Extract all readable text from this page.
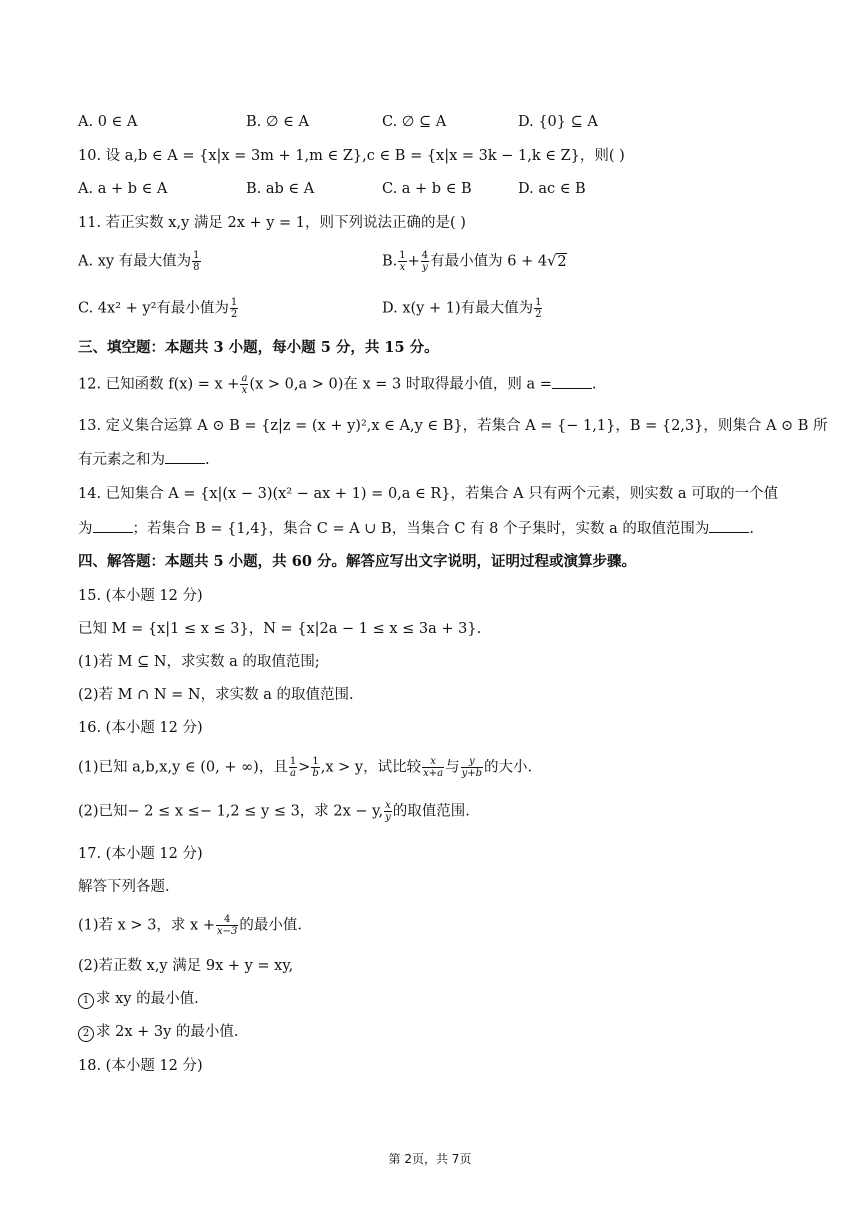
A. 0 ∈ A	B. ∅ ∈ A	C. ∅ ⊆ A	D. {0} ⊆ A
10. 设 a,b ∈ A = {x|x = 3m + 1,m ∈ Z},c ∈ B = {x|x = 3k − 1,k ∈ Z}，则( )
A. a + b ∈ A	B. ab ∈ A	C. a + b ∈ B	D. ac ∈ B
11. 若正实数 x,y 满足 2x + y = 1，则下列说法正确的是( )
A. xy 有最大值为 $\frac{1}{8}$	B. $\frac{1}{x} + \frac{4}{y}$ 有最小值为 6 + 4√2
C. 4x² + y²有最小值为 $\frac{1}{2}$	D. x(y + 1)有最大值为 $\frac{1}{2}$
三、填空题：本题共 3 小题，每小题 5 分，共 15 分。
12. 已知函数 $f(x) = x + \frac{a}{x} (x > 0,a > 0)$在 x = 3 时取得最小值，则 a =	.
13. 定义集合运算 A ⊙ B = {z|z = (x + y)²,x ∈ A,y ∈ B}，若集合 A = {− 1,1}，B = {2,3}，则集合 A ⊙ B 所
有元素之和为	.
14. 已知集合 A = {x|(x − 3)(x² − ax + 1) = 0,a ∈ R}，若集合 A 只有两个元素，则实数 a 可取的一个值
为	；若集合 B = {1,4}，集合 C = A ∪ B，当集合 C 有 8 个子集时，实数 a 的取值范围为	.
四、解答题：本题共 5 小题，共 60 分。解答应写出文字说明，证明过程或演算步骤。
15. (本小题 12 分)
已知 M = {x|1 ≤ x ≤ 3}，N = {x|2a − 1 ≤ x ≤ 3a + 3}.
(1)若 M ⊆ N，求实数 a 的取值范围;
(2)若 M ∩ N = N，求实数 a 的取值范围.
16. (本小题 12 分)
(1)已知 a,b,x,y ∈ (0, + ∞)，且 $\frac{1}{a} > \frac{1}{b} ,x > y$，试比较 $\frac{x}{x+a}$ 与 $\frac{y}{y+b}$ 的大小.
(2)已知− 2 ≤ x ≤− 1,2 ≤ y ≤ 3，求 2x − y, $\frac{x}{y}$ 的取值范围.
17. (本小题 12 分)
解答下列各题.
(1)若 x > 3，求 $x + \frac{4}{x-3}$ 的最小值.
(2)若正数 x,y 满足 9x + y = xy,
1 求 xy 的最小值.
2 求 2x + 3y 的最小值.
18. (本小题 12 分)
第 2页，共 7页
